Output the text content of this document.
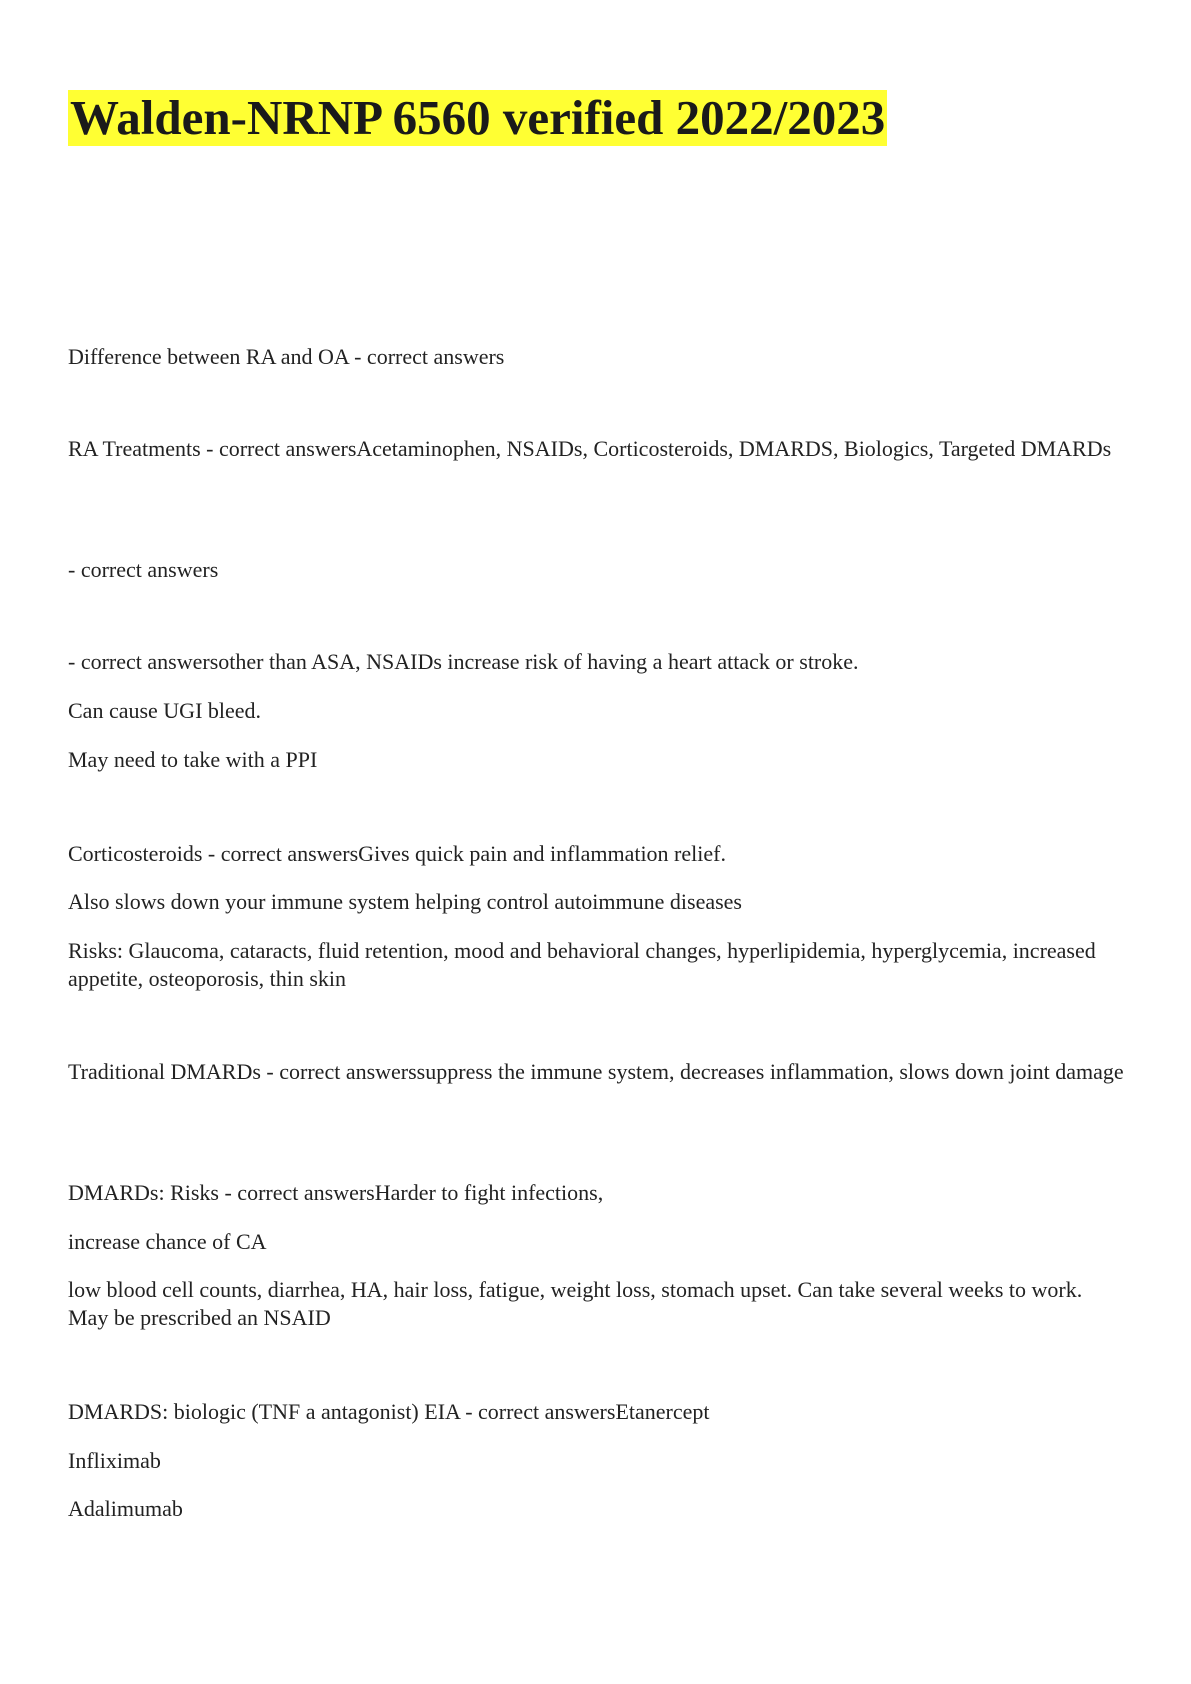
Walden-NRNP 6560 verified 2022/2023

Difference between RA and OA - correct answers

RA Treatments - correct answersAcetaminophen, NSAIDs, Corticosteroids, DMARDS, Biologics, Targeted DMARDs

- correct answers

- correct answersother than ASA, NSAIDs increase risk of having a heart attack or stroke.

Can cause UGI bleed.

May need to take with a PPI

Corticosteroids - correct answersGives quick pain and inflammation relief.

Also slows down your immune system helping control autoimmune diseases

Risks: Glaucoma, cataracts, fluid retention, mood and behavioral changes, hyperlipidemia, hyperglycemia, increased appetite, osteoporosis, thin skin

Traditional DMARDs - correct answerssuppress the immune system, decreases inflammation, slows down joint damage

DMARDs: Risks - correct answersHarder to fight infections,

increase chance of CA

low blood cell counts, diarrhea, HA, hair loss, fatigue, weight loss, stomach upset. Can take several weeks to work. May be prescribed an NSAID

DMARDS: biologic (TNF a antagonist) EIA - correct answersEtanercept

Infliximab

Adalimumab
